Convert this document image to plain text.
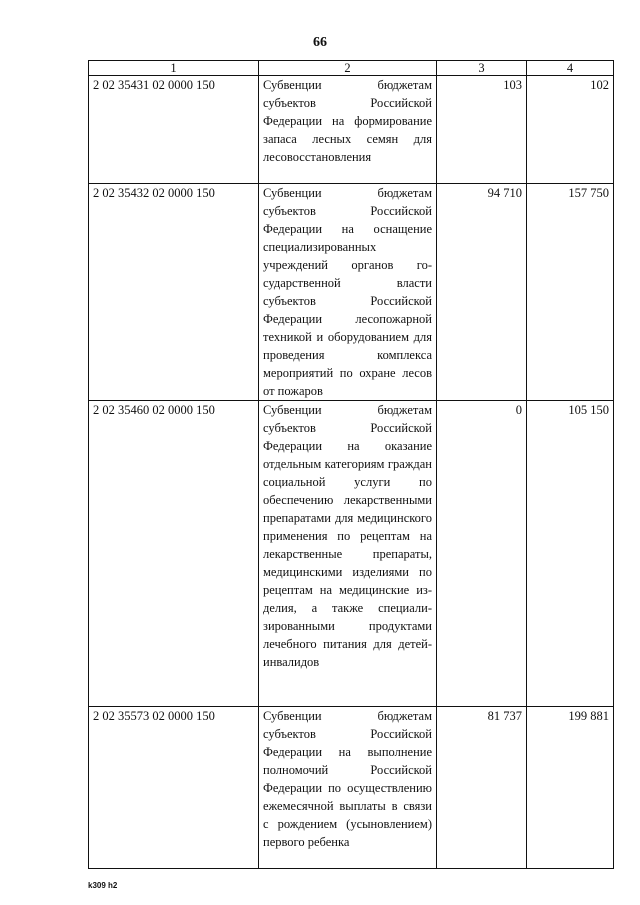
66
1	2	3	4
2 02 35431 02 0000 150	Субвенции бюджетам субъектов Российской Федерации на формирование запаса лесных семян для лесовосстановления	103	102
2 02 35432 02 0000 150	Субвенции бюджетам субъектов Российской Федерации на оснащение специализированных учреждений органов государственной власти субъектов Российской Федерации лесопожарной техникой и оборудованием для проведения комплекса мероприятий по охране лесов от пожаров	94 710	157 750
2 02 35460 02 0000 150	Субвенции бюджетам субъектов Российской Федерации на оказание отдельным категориям граждан социальной услуги по обеспечению лекарственными препаратами для медицинского применения по рецептам на лекарственные препараты, медицинскими изделиями по рецептам на медицинские изделия, а также специализированными продуктами лечебного питания для детей-инвалидов	0	105 150
2 02 35573 02 0000 150	Субвенции бюджетам субъектов Российской Федерации на выполнение полномочий Российской Федерации по осуществлению ежемесячной выплаты в связи с рождением (усыновлением) первого ребенка	81 737	199 881
k309 h2
